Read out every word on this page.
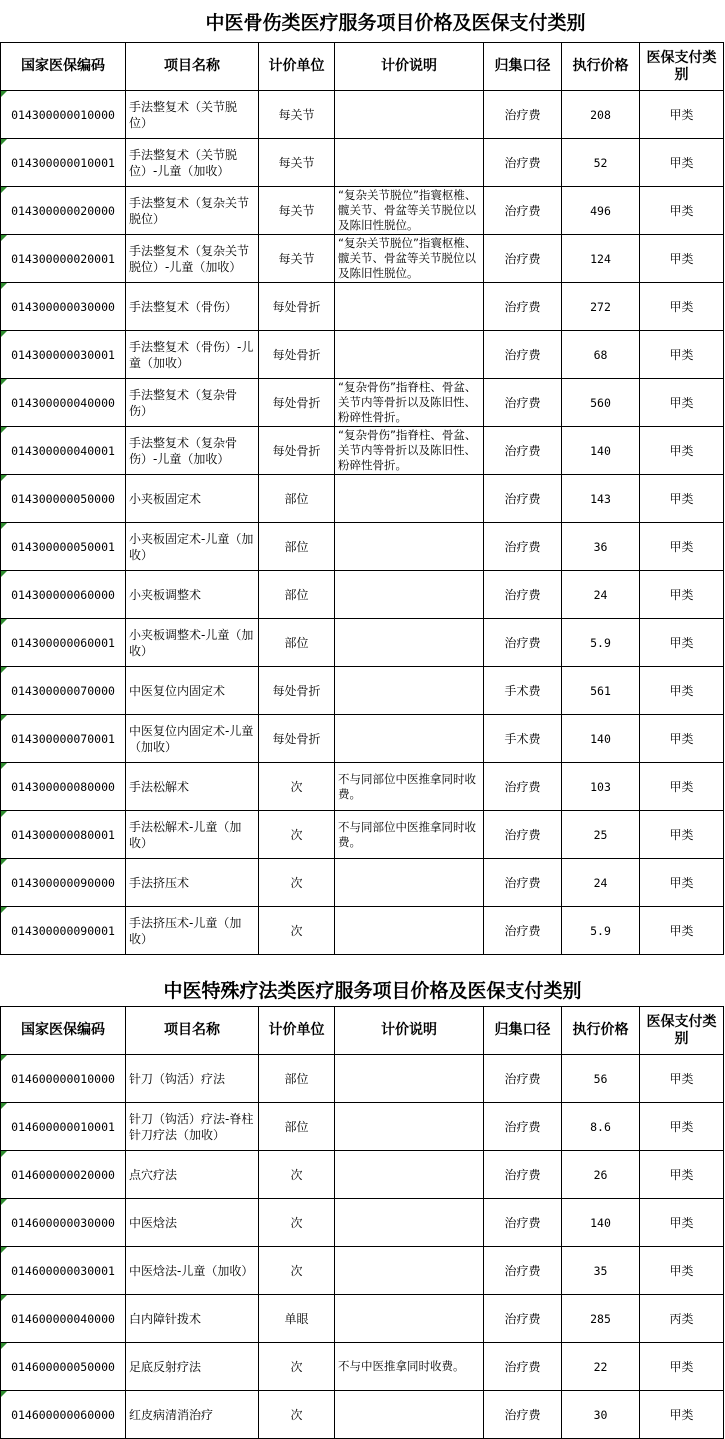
中医骨伤类医疗服务项目价格及医保支付类别
国家医保编码	项目名称	计价单位	计价说明	归集口径	执行价格	医保支付类别
014300000010000	手法整复术（关节脱位）	每关节		治疗费	208	甲类
014300000010001	手法整复术（关节脱位）-儿童（加收）	每关节		治疗费	52	甲类
014300000020000	手法整复术（复杂关节脱位）	每关节	“复杂关节脱位”指寰枢椎、髋关节、骨盆等关节脱位以及陈旧性脱位。	治疗费	496	甲类
014300000020001	手法整复术（复杂关节脱位）-儿童（加收）	每关节	“复杂关节脱位”指寰枢椎、髋关节、骨盆等关节脱位以及陈旧性脱位。	治疗费	124	甲类
014300000030000	手法整复术（骨伤）	每处骨折		治疗费	272	甲类
014300000030001	手法整复术（骨伤）-儿童（加收）	每处骨折		治疗费	68	甲类
014300000040000	手法整复术（复杂骨伤）	每处骨折	“复杂骨伤”指脊柱、骨盆、关节内等骨折以及陈旧性、粉碎性骨折。	治疗费	560	甲类
014300000040001	手法整复术（复杂骨伤）-儿童（加收）	每处骨折	“复杂骨伤”指脊柱、骨盆、关节内等骨折以及陈旧性、粉碎性骨折。	治疗费	140	甲类
014300000050000	小夹板固定术	部位		治疗费	143	甲类
014300000050001	小夹板固定术-儿童（加收）	部位		治疗费	36	甲类
014300000060000	小夹板调整术	部位		治疗费	24	甲类
014300000060001	小夹板调整术-儿童（加收）	部位		治疗费	5.9	甲类
014300000070000	中医复位内固定术	每处骨折		手术费	561	甲类
014300000070001	中医复位内固定术-儿童（加收）	每处骨折		手术费	140	甲类
014300000080000	手法松解术	次	不与同部位中医推拿同时收费。	治疗费	103	甲类
014300000080001	手法松解术-儿童（加收）	次	不与同部位中医推拿同时收费。	治疗费	25	甲类
014300000090000	手法挤压术	次		治疗费	24	甲类
014300000090001	手法挤压术-儿童（加收）	次		治疗费	5.9	甲类
中医特殊疗法类医疗服务项目价格及医保支付类别
国家医保编码	项目名称	计价单位	计价说明	归集口径	执行价格	医保支付类别
014600000010000	针刀（钩活）疗法	部位		治疗费	56	甲类
014600000010001	针刀（钩活）疗法-脊柱针刀疗法（加收）	部位		治疗费	8.6	甲类
014600000020000	点穴疗法	次		治疗费	26	甲类
014600000030000	中医焓法	次		治疗费	140	甲类
014600000030001	中医焓法-儿童（加收）	次		治疗费	35	甲类
014600000040000	白内障针拨术	单眼		治疗费	285	丙类
014600000050000	足底反射疗法	次	不与中医推拿同时收费。	治疗费	22	甲类
014600000060000	红皮病清消治疗	次		治疗费	30	甲类
